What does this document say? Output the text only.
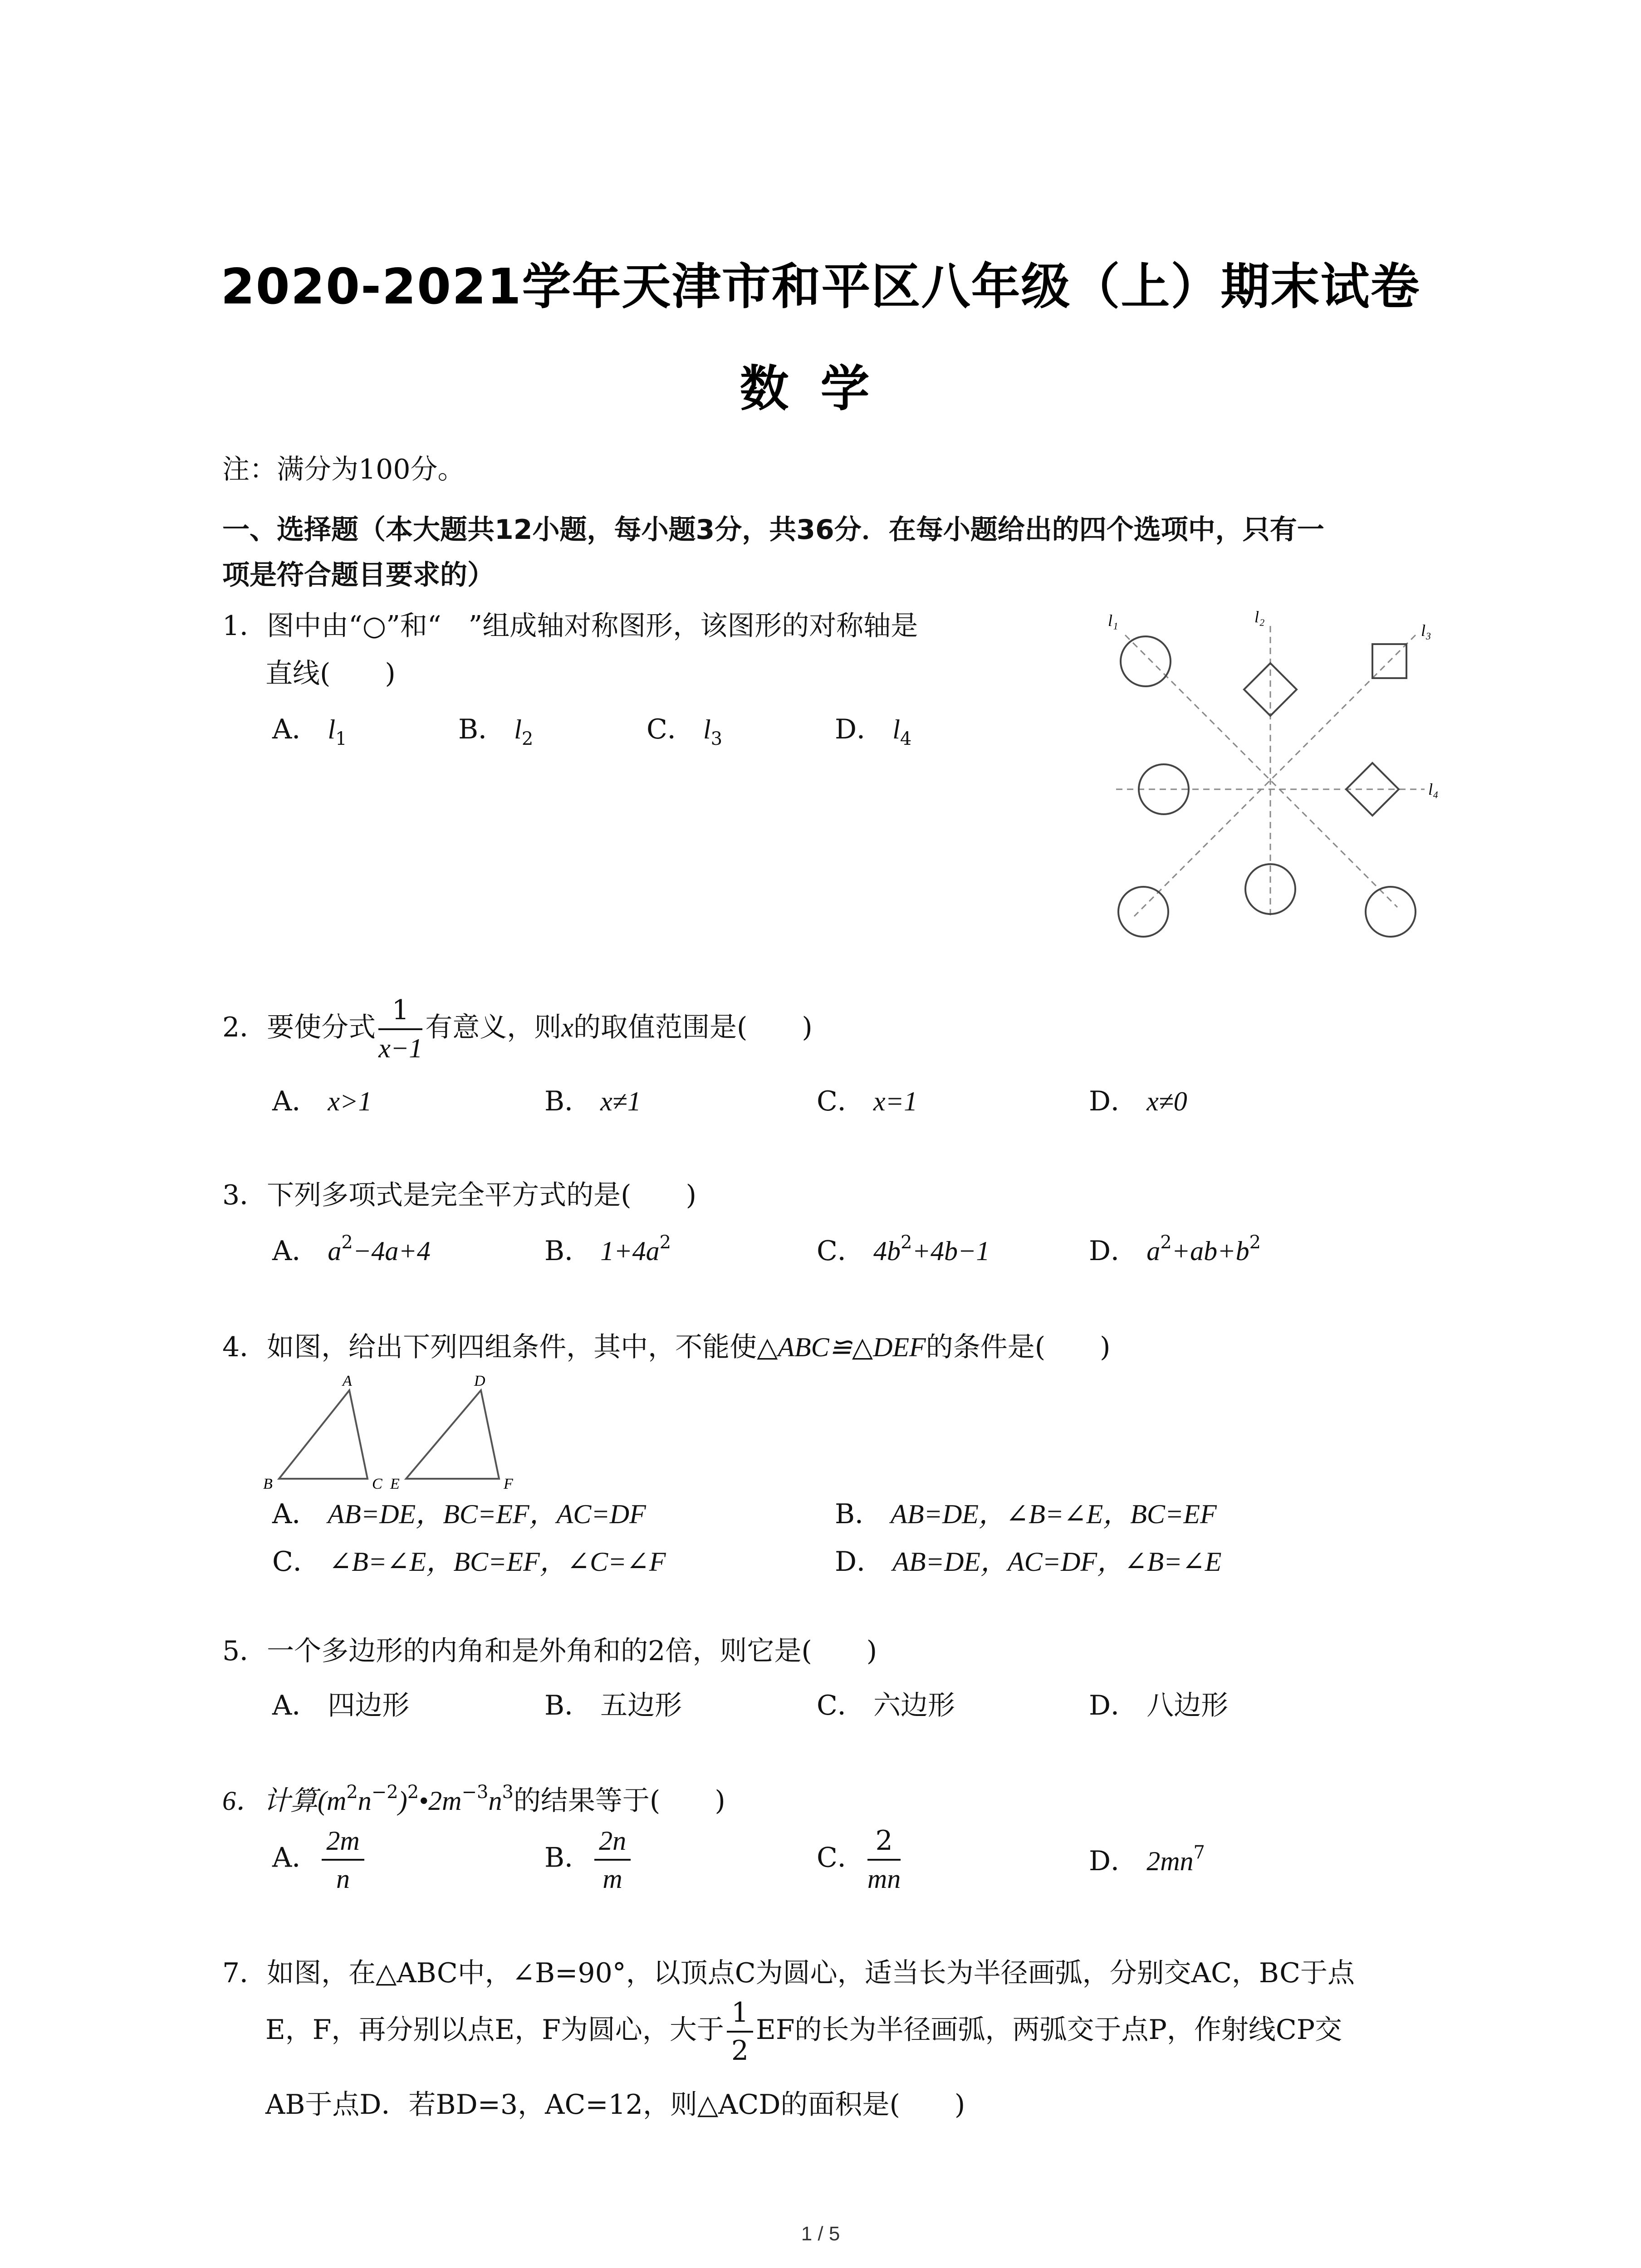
2020-2021学年天津市和平区八年级（上）期末试卷
数学
注：满分为100分。
一、选择题（本大题共12小题，每小题3分，共36分．在每小题给出的四个选项中，只有一
项是符合题目要求的）
1．图中由“○”和“　”组成轴对称图形，该图形的对称轴是
直线(　　)
A． $l_1$	B． $l_2$	C． $l_3$	D． $l_4$
l₁	l₂
l₃
l₄
2．要使分式 $\frac{1}{x-1}$ 有意义，则x的取值范围是(　　)
A． x>1	B． x≠1	C． x=1	D． x≠0
3．下列多项式是完全平方式的是(　　)
A． $a^2-4a+4$	B． $1+4a^2$	C． $4b^2+4b-1$	D． $a^2+ab+b^2$
4．如图，给出下列四组条件，其中，不能使△ABC≌△DEF的条件是(　　)
A
B	C
D
E	F
A． AB=DE，BC=EF，AC=DF	B． AB=DE，∠B=∠E，BC=EF
C． ∠B=∠E，BC=EF，∠C=∠F	D． AB=DE，AC=DF，∠B=∠E
5．一个多边形的内角和是外角和的2倍，则它是(　　)
A． 四边形	B． 五边形	C． 六边形	D． 八边形
6．计算$(m^2n^{-2})^2•2m^{-3}n^3$的结果等于(　　)
A． $\frac{2m}{n}$	B． $\frac{2n}{m}$	C． $\frac{2}{mn}$	D． $2mn^7$
7．如图，在△ABC中，∠B=90°，以顶点C为圆心，适当长为半径画弧，分别交AC，BC于点
E，F，再分别以点E，F为圆心，大于 $\frac{1}{2}$ EF的长为半径画弧，两弧交于点P，作射线CP交
AB于点D．若BD=3，AC=12，则△ACD的面积是(　　)
1 / 5
